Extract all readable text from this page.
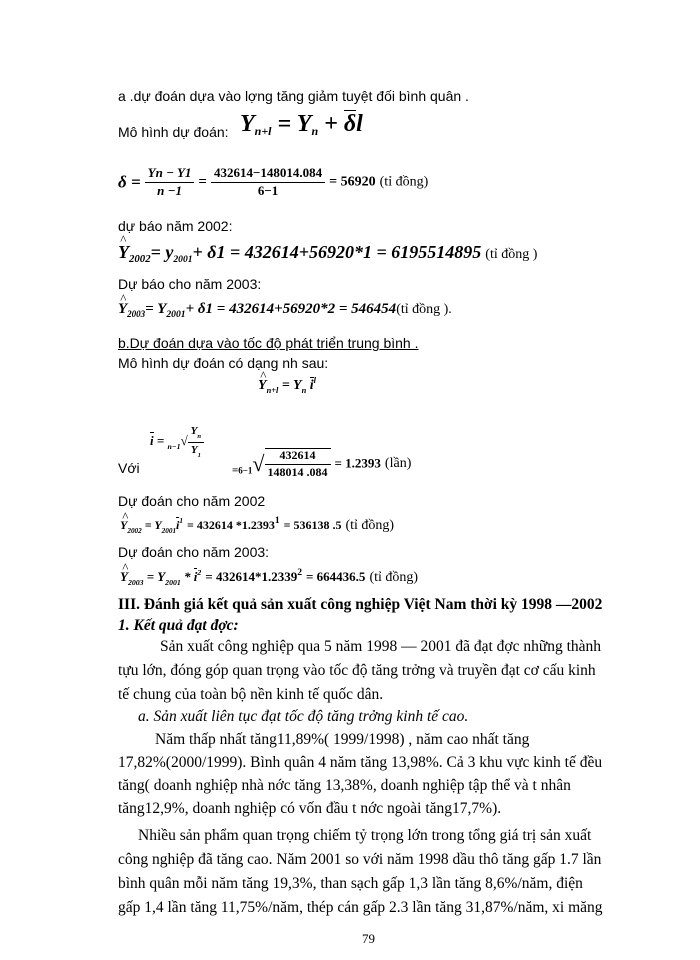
a .dự đoán dựa vào lợng tăng giảm tuyệt đối bình quân .
Mô hình dự đoán: $Y_{n+l} = Y_n + \delta l$
$\delta = \frac{Yn - Y1}{n -1} = \frac{432614-148014.084}{6-1} = 56920$ (tỉ đồng)
dự báo năm 2002:
^ $Y_{2002}= y_{2001}+ \delta 1 = 432614+56920*1 = 6195514895$ (tỉ đồng )
Dự báo cho năm 2003:
^ $Y_{2003}= Y_{2001}+ \delta 1 = 432614+56920*2$ = 546454(tỉ đồng ).
b.Dự đoán dựa vào tốc độ phát triển trung bình .
Mô hình dự đoán có dạng nh sau:
^ $Y_{n+l} = Y_n$ $i^l$
Với
$i = _{n-1}√ \frac{Y_n}{Y_1}$
$_{=6-1}√ \frac{432614}{148014 .084} = 1.2393$ (lần)
Dự đoán cho năm 2002
^ $Y_{2002} = Y_{2001}i^1 = 432614$ $*1.2393^1 = 536138$ .5 (tỉ đồng)
Dự đoán cho năm 2003:
^ $Y_{2003} = Y_{2001} * i^2 = 432614*1.2339^2 = 664436.5$ (tỉ đồng)
III. Đánh giá kết quả sản xuất công nghiệp Việt Nam thời kỳ 1998 —2002
1. Kết quả đạt đợc:
Sản xuất công nghiệp qua 5 năm 1998 — 2001 đã đạt đợc những thành
tựu lớn, đóng góp quan trọng vào tốc độ tăng trởng và truyền đạt cơ cấu kinh
tế chung của toàn bộ nền kinh tế quốc dân.
a. Sản xuất liên tục đạt tốc độ tăng trởng kinh tế cao.
Năm thấp nhất tăng11,89%( 1999/1998) , năm cao nhất tăng
17,82%(2000/1999). Bình quân 4 năm tăng 13,98%. Cả 3 khu vực kinh tế đều
tăng( doanh nghiệp nhà nớc tăng 13,38%, doanh nghiệp tập thể và t nhân
tăng12,9%, doanh nghiệp có vốn đầu t nớc ngoài tăng17,7%).
Nhiều sản phẩm quan trọng chiếm tỷ trọng lớn trong tổng giá trị sản xuất
công nghiệp đã tăng cao. Năm 2001 so với năm 1998 dầu thô tăng gấp 1.7 lần
bình quân mỗi năm tăng 19,3%, than sạch gấp 1,3 lần tăng 8,6%/năm, điện
gấp 1,4 lần tăng 11,75%/năm, thép cán gấp 2.3 lần tăng 31,87%/năm, xi măng
79
